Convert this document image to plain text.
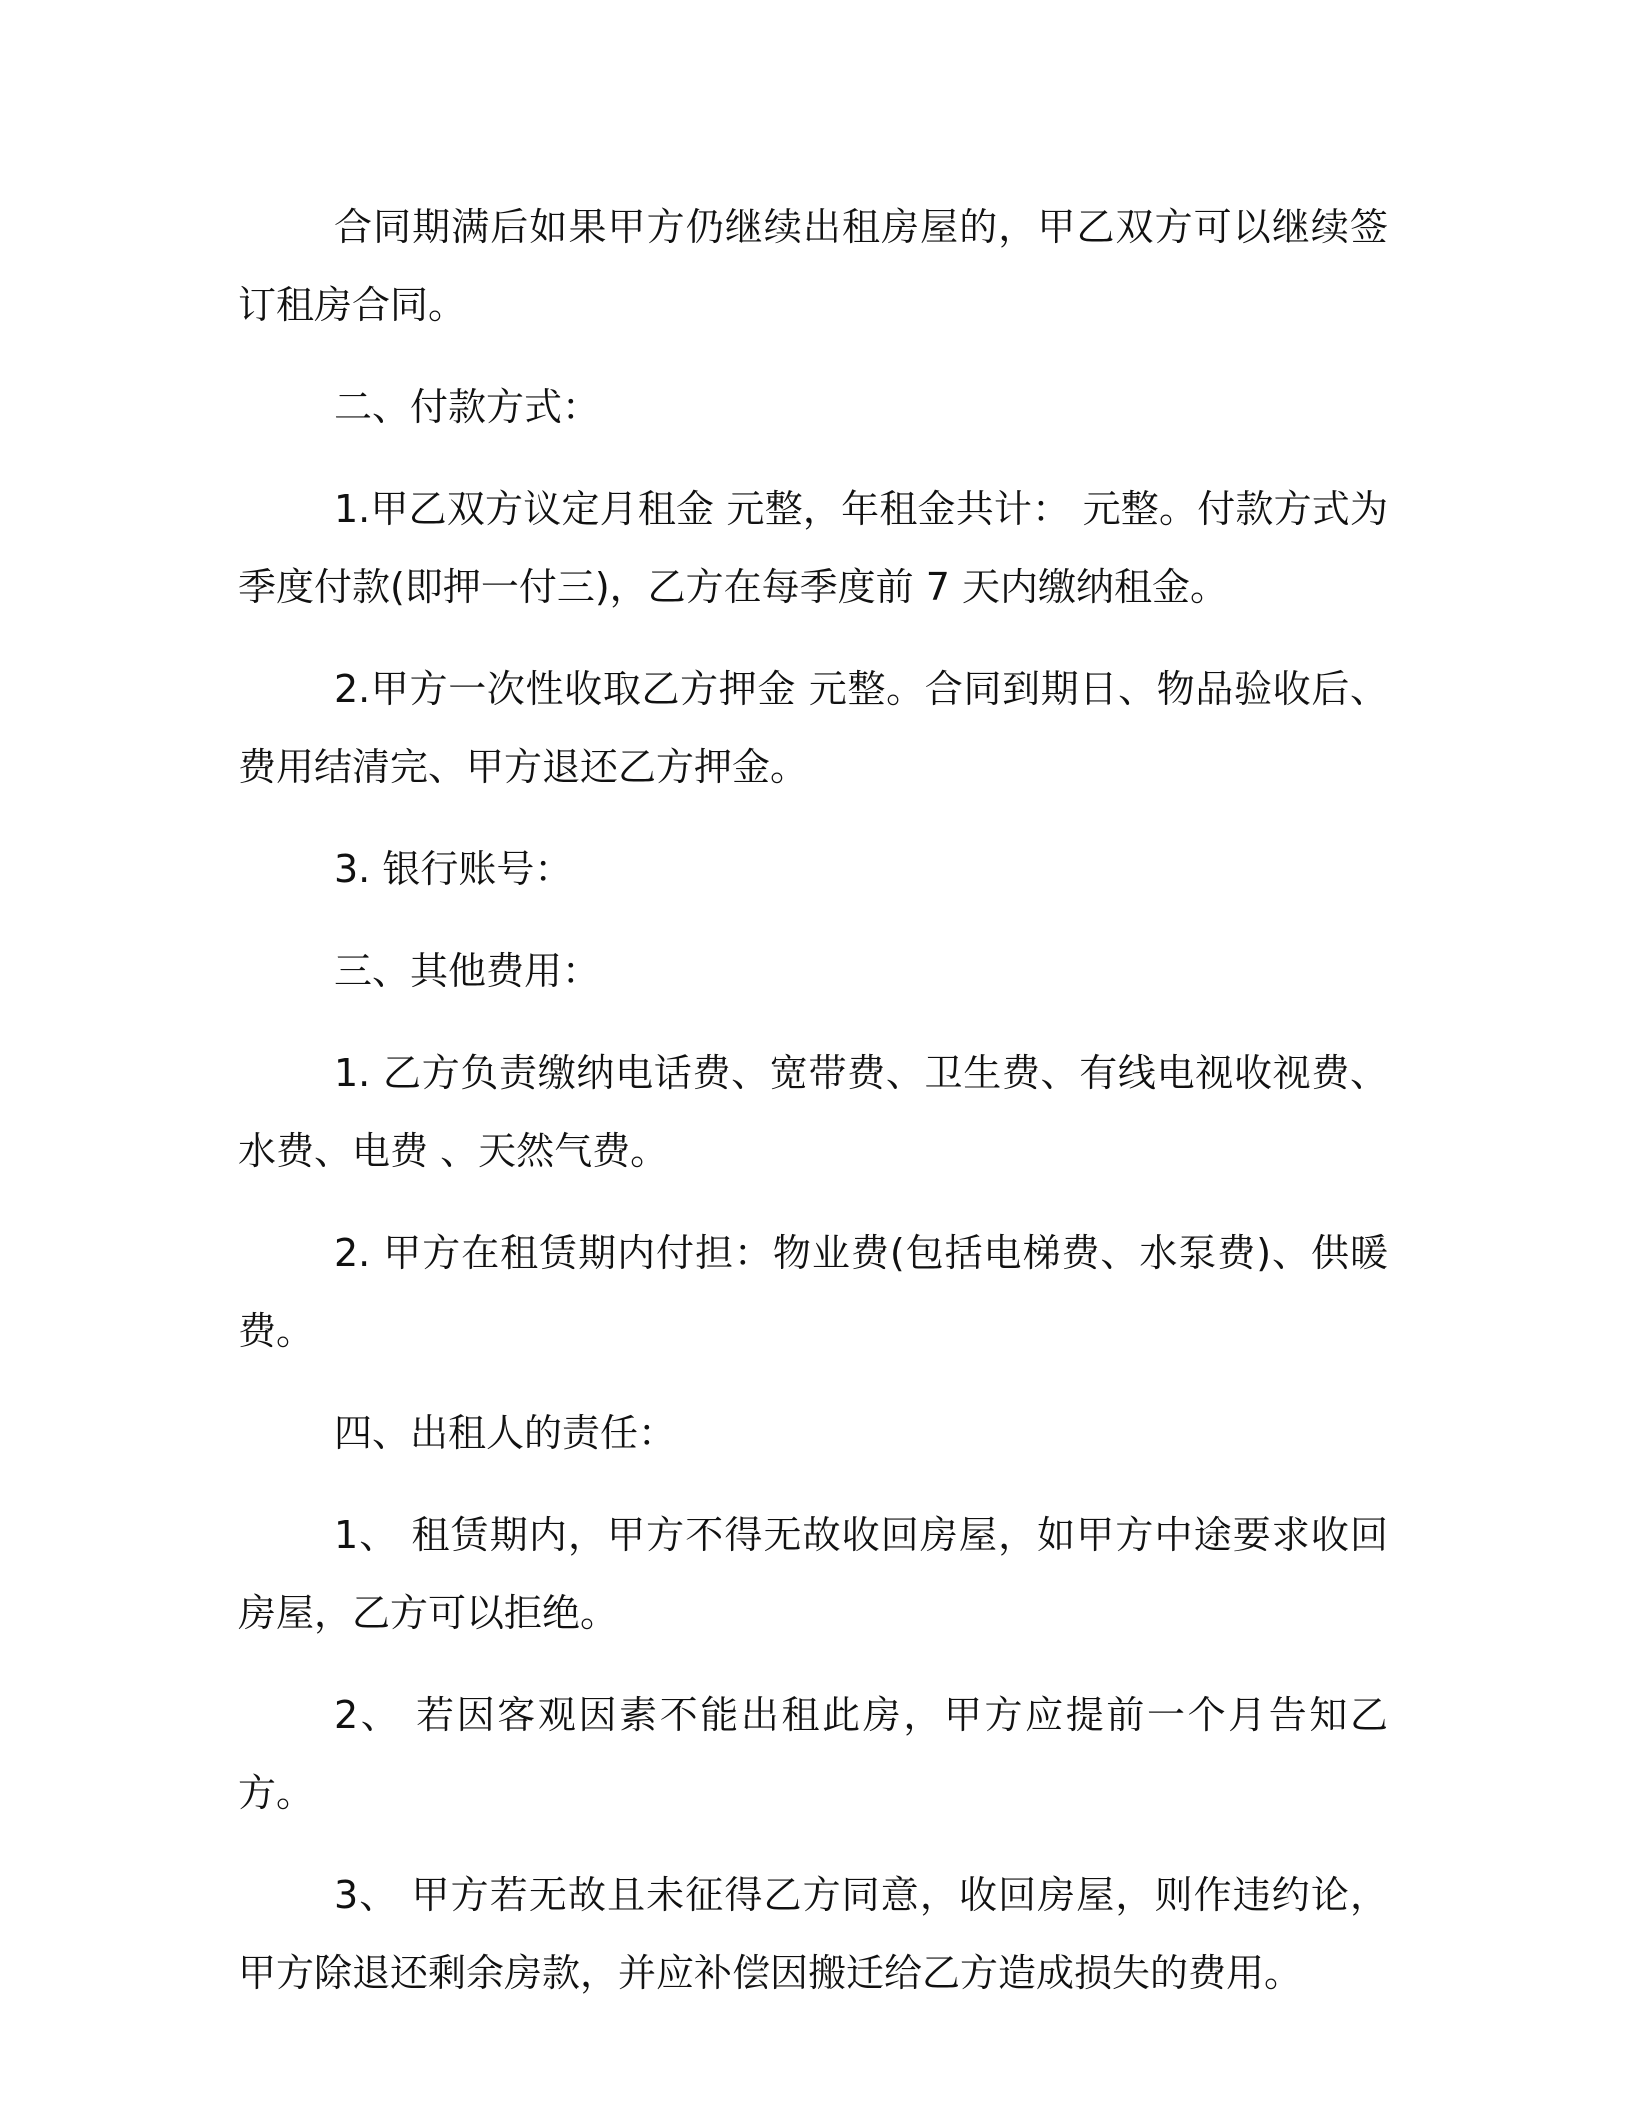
合同期满后如果甲方仍继续出租房屋的，甲乙双方可以继续签订租房合同。

二、付款方式：

1.甲乙双方议定月租金 元整，年租金共计： 元整。付款方式为季度付款(即押一付三)，乙方在每季度前 7 天内缴纳租金。

2.甲方一次性收取乙方押金 元整。合同到期日、物品验收后、费用结清完、甲方退还乙方押金。

3. 银行账号：

三、其他费用：

1. 乙方负责缴纳电话费、宽带费、卫生费、有线电视收视费、水费、电费 、天然气费。

2. 甲方在租赁期内付担：物业费(包括电梯费、水泵费)、供暖费。

四、出租人的责任：

1、 租赁期内，甲方不得无故收回房屋，如甲方中途要求收回房屋，乙方可以拒绝。

2、 若因客观因素不能出租此房，甲方应提前一个月告知乙方。

3、 甲方若无故且未征得乙方同意，收回房屋，则作违约论，甲方除退还剩余房款，并应补偿因搬迁给乙方造成损失的费用。
